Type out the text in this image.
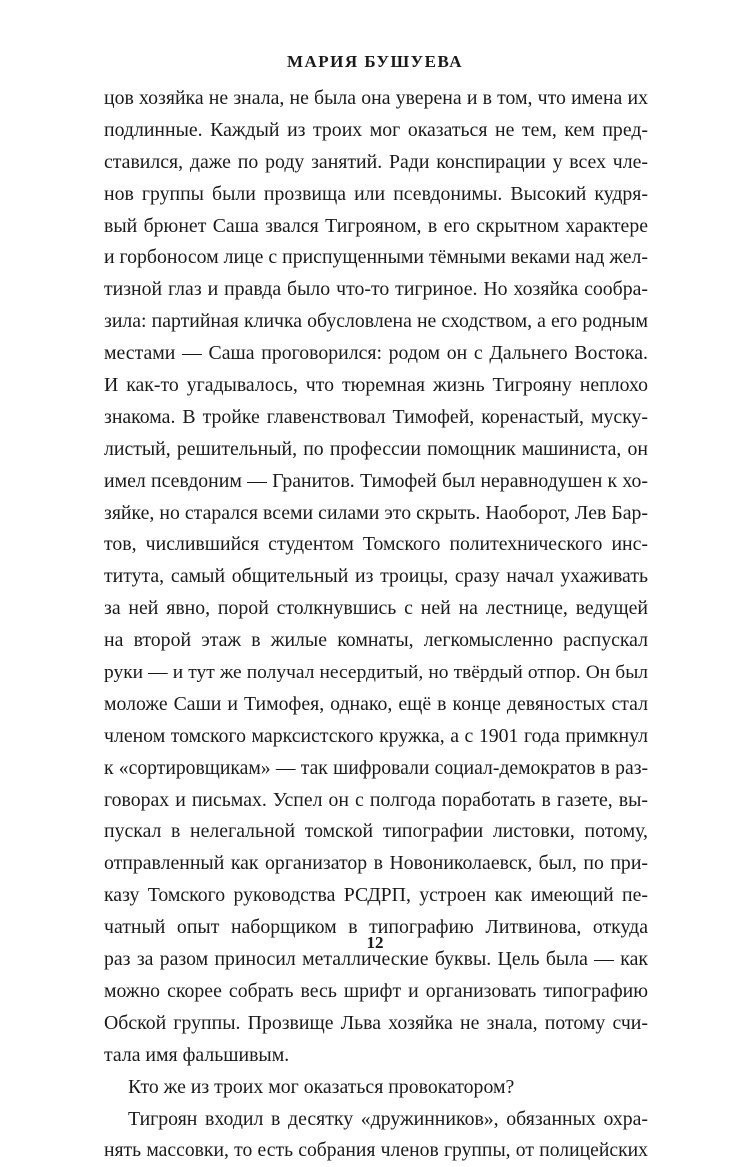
МАРИЯ БУШУЕВА
цов хозяйка не знала, не была она уверена и в том, что имена их
подлинные. Каждый из троих мог оказаться не тем, кем пред-
ставился, даже по роду занятий. Ради конспирации у всех чле-
нов группы были прозвища или псевдонимы. Высокий кудря-
вый брюнет Саша звался Тигрояном, в его скрытном характере
и горбоносом лице с приспущенными тёмными веками над жел-
тизной глаз и правда было что-то тигриное. Но хозяйка сообра-
зила: партийная кличка обусловлена не сходством, а его родным
местами — Саша проговорился: родом он с Дальнего Востока.
И как-то угадывалось, что тюремная жизнь Тигрояну неплохо
знакома. В тройке главенствовал Тимофей, коренастый, муску-
листый, решительный, по профессии помощник машиниста, он
имел псевдоним — Гранитов. Тимофей был неравнодушен к хо-
зяйке, но старался всеми силами это скрыть. Наоборот, Лев Бар-
тов, числившийся студентом Томского политехнического инс-
титута, самый общительный из троицы, сразу начал ухаживать
за ней явно, порой столкнувшись с ней на лестнице, ведущей
на второй этаж в жилые комнаты, легкомысленно распускал
руки — и тут же получал несердитый, но твёрдый отпор. Он был
моложе Саши и Тимофея, однако, ещё в конце девяностых стал
членом томского марксистского кружка, а с 1901 года примкнул
к «сортировщикам» — так шифровали социал-демократов в раз-
говорах и письмах. Успел он с полгода поработать в газете, вы-
пускал в нелегальной томской типографии листовки, потому,
отправленный как организатор в Новониколаевск, был, по при-
казу Томского руководства РСДРП, устроен как имеющий пе-
чатный опыт наборщиком в типографию Литвинова, откуда
раз за разом приносил металлические буквы. Цель была — как
можно скорее собрать весь шрифт и организовать типографию
Обской группы. Прозвище Льва хозяйка не знала, потому счи-
тала имя фальшивым.
Кто же из троих мог оказаться провокатором?
Тигроян входил в десятку «дружинников», обязанных охра-
нять массовки, то есть собрания членов группы, от полицейских
12
